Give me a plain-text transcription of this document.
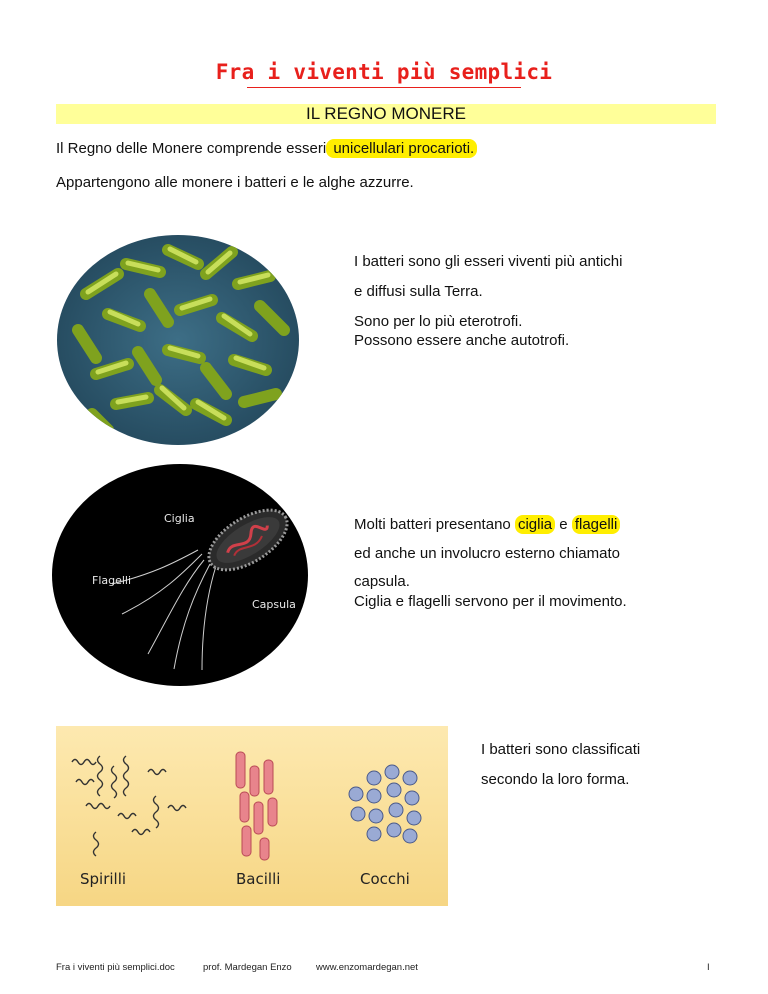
Fra i viventi più semplici
IL REGNO MONERE
Il Regno delle Monere comprende esseri unicellulari procarioti.
Appartengono alle monere i batteri e le alghe azzurre.
I batteri sono gli esseri viventi più antichi
e diffusi sulla Terra.
Sono per lo più eterotrofi.
Possono essere anche autotrofi.
Ciglia
Flagelli
Capsula
Molti batteri presentano ciglia e flagelli
ed anche un involucro esterno chiamato
capsula.
Ciglia e flagelli servono per il movimento.
Spirilli	Bacilli	Cocchi
I batteri sono classificati
secondo la loro forma.
Fra i viventi più semplici.doc	prof. Mardegan Enzo	www.enzomardegan.net	I
